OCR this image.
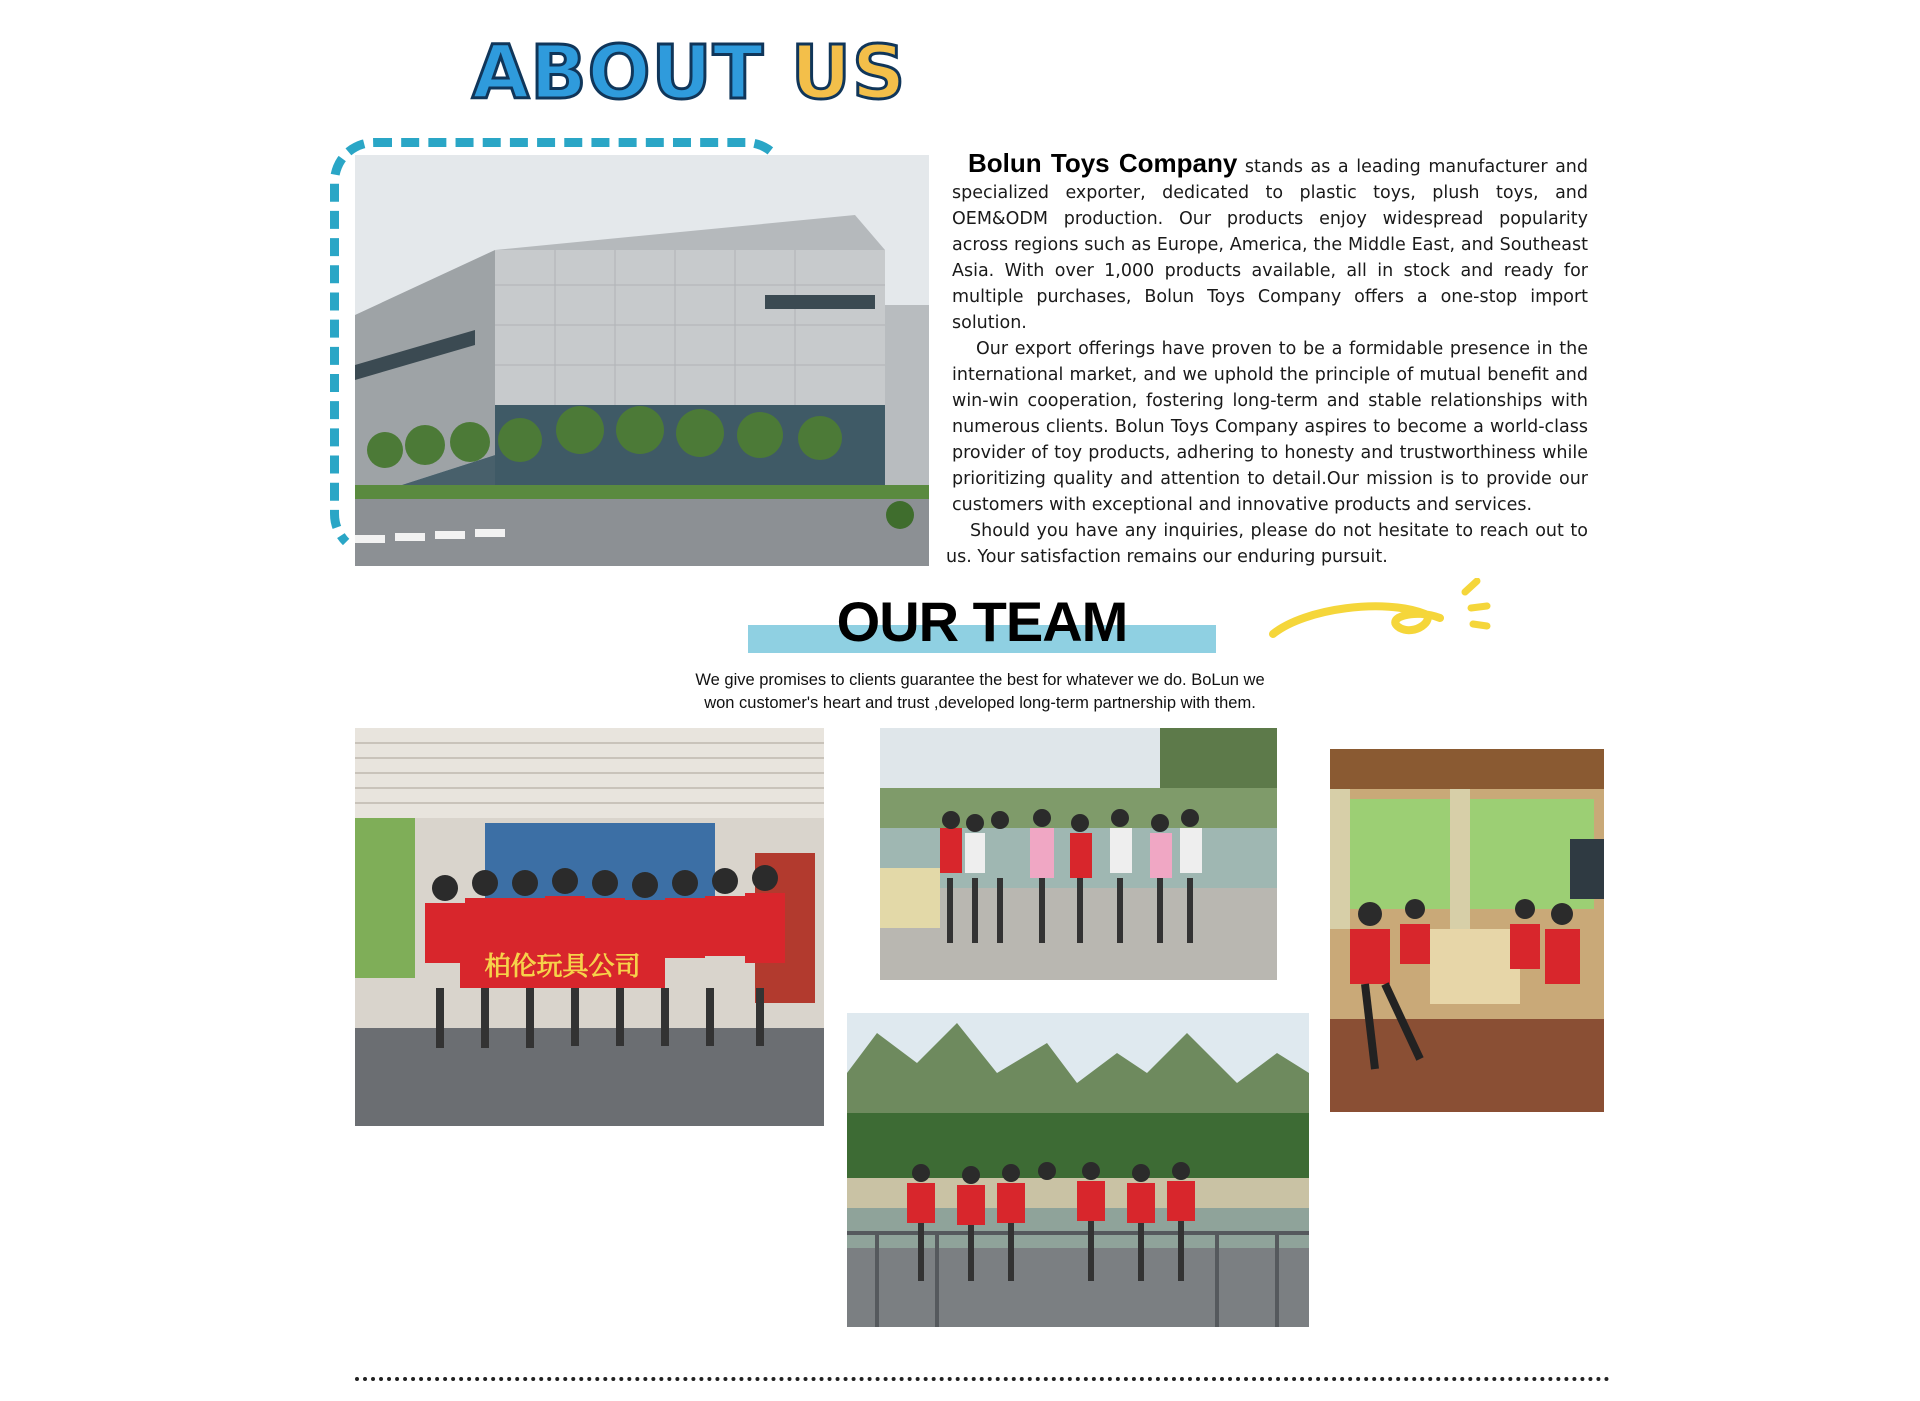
ABOUT US

Bolun Toys Company stands as a leading manufacturer and specialized exporter, dedicated to plastic toys, plush toys, and OEM&ODM production. Our products enjoy widespread popularity across regions such as Europe, America, the Middle East, and Southeast Asia. With over 1,000 products available, all in stock and ready for multiple purchases, Bolun Toys Company offers a one-stop import solution.

Our export offerings have proven to be a formidable presence in the international market, and we uphold the principle of mutual benefit and win-win cooperation, fostering long-term and stable relationships with numerous clients. Bolun Toys Company aspires to become a world-class provider of toy products, adhering to honesty and trustworthiness while prioritizing quality and attention to detail.Our mission is to provide our customers with exceptional and innovative products and services.

Should you have any inquiries, please do not hesitate to reach out to us. Your satisfaction remains our enduring pursuit.

OUR TEAM
We give promises to clients guarantee the best for whatever we do. BoLun we
won customer's heart and trust ,developed long-term partnership with them.
柏伦玩具公司
